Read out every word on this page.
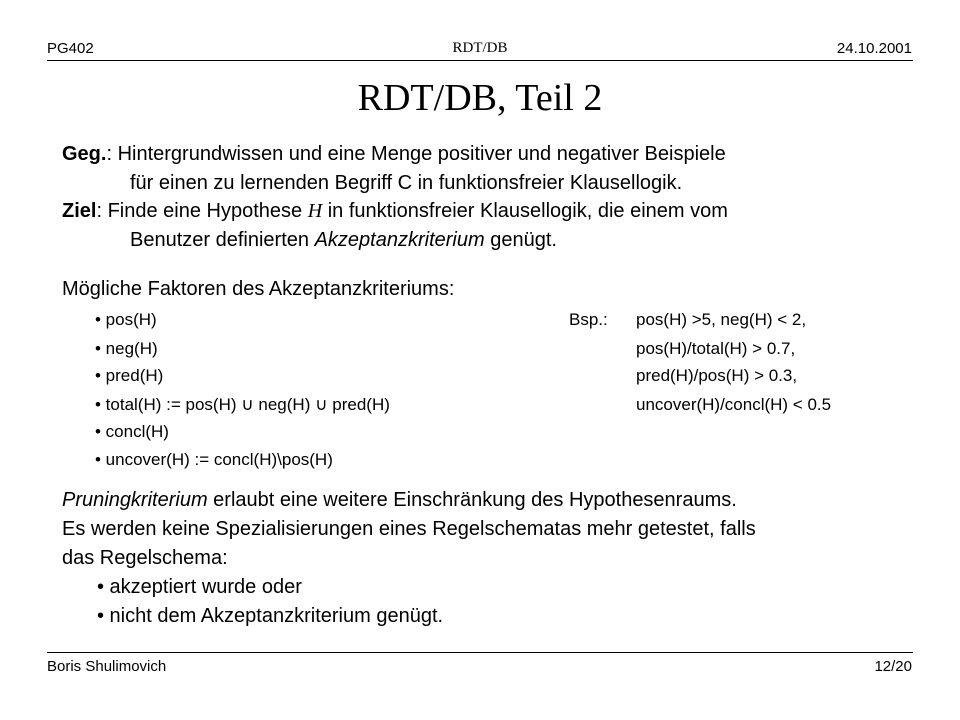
PG402	RDT/DB	24.10.2001
RDT/DB, Teil 2
Geg.: Hintergrundwissen und eine Menge positiver und negativer Beispiele
für einen zu lernenden Begriff C in funktionsfreier Klausellogik.
Ziel: Finde eine Hypothese H in funktionsfreier Klausellogik, die einem vom
Benutzer definierten Akzeptanzkriterium genügt.
Mögliche Faktoren des Akzeptanzkriteriums:
• pos(H)
• neg(H)
• pred(H)
• total(H) := pos(H) ∪ neg(H) ∪ pred(H)
• concl(H)
• uncover(H) := concl(H)\pos(H)
Bsp.: pos(H) >5, neg(H) < 2,
pos(H)/total(H) > 0.7,
pred(H)/pos(H) > 0.3,
uncover(H)/concl(H) < 0.5
Pruningkriterium erlaubt eine weitere Einschränkung des Hypothesenraums.
Es werden keine Spezialisierungen eines Regelschematas mehr getestet, falls
das Regelschema:
• akzeptiert wurde oder
• nicht dem Akzeptanzkriterium genügt.
Boris Shulimovich	12/20
